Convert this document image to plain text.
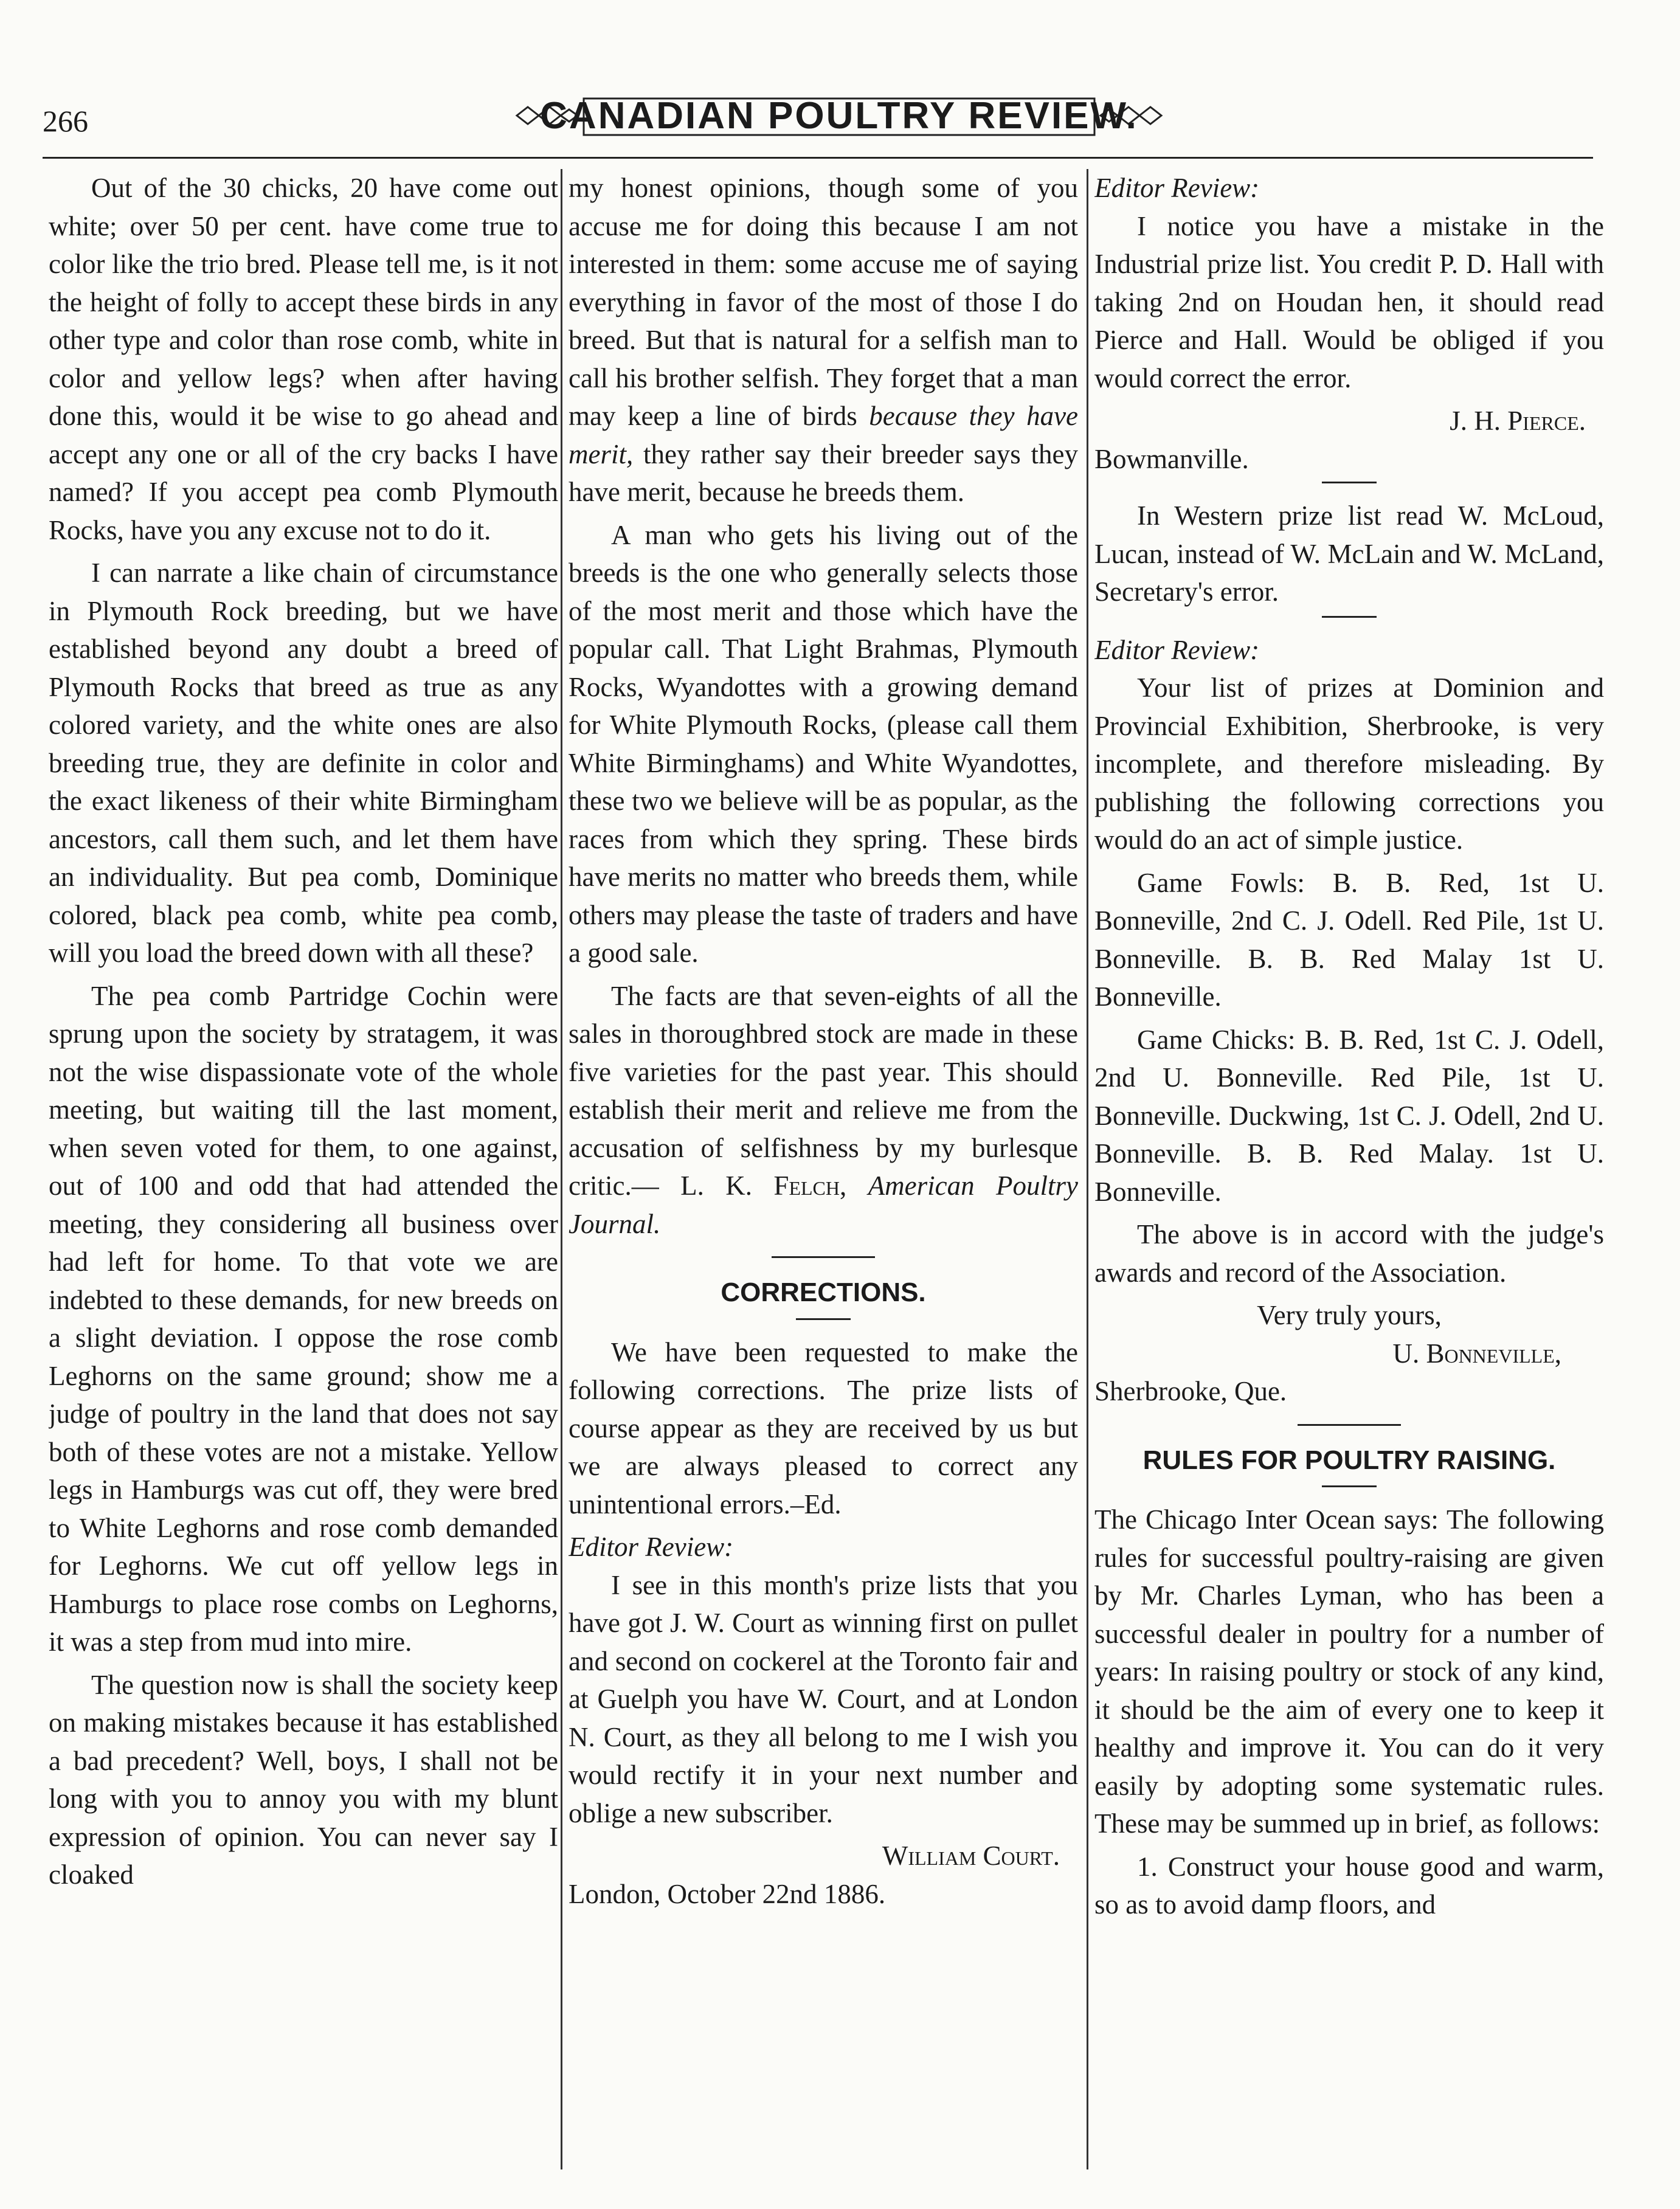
266	CANADIAN POULTRY REVIEW.

Out of the 30 chicks, 20 have come out white; over 50 per cent. have come true to color like the trio bred. Please tell me, is it not the height of folly to accept these birds in any other type and color than rose comb, white in color and yellow legs? when after having done this, would it be wise to go ahead and accept any one or all of the cry backs I have named? If you accept pea comb Plymouth Rocks, have you any excuse not to do it.

I can narrate a like chain of circumstance in Plymouth Rock breeding, but we have established beyond any doubt a breed of Plymouth Rocks that breed as true as any colored variety, and the white ones are also breeding true, they are definite in color and the exact likeness of their white Birmingham ancestors, call them such, and let them have an individuality. But pea comb, Dominique colored, black pea comb, white pea comb, will you load the breed down with all these?

The pea comb Partridge Cochin were sprung upon the society by stratagem, it was not the wise dispassionate vote of the whole meeting, but waiting till the last moment, when seven voted for them, to one against, out of 100 and odd that had attended the meeting, they considering all business over had left for home. To that vote we are indebted to these demands, for new breeds on a slight deviation. I oppose the rose comb Leghorns on the same ground; show me a judge of poultry in the land that does not say both of these votes are not a mistake. Yellow legs in Hamburgs was cut off, they were bred to White Leghorns and rose comb demanded for Leghorns. We cut off yellow legs in Hamburgs to place rose combs on Leghorns, it was a step from mud into mire.

The question now is shall the society keep on making mistakes because it has established a bad precedent? Well, boys, I shall not be long with you to annoy you with my blunt expression of opinion. You can never say I cloaked

my honest opinions, though some of you accuse me for doing this because I am not interested in them: some accuse me of saying everything in favor of the most of those I do breed. But that is natural for a selfish man to call his brother selfish. They forget that a man may keep a line of birds because they have merit, they rather say their breeder says they have merit, because he breeds them.

A man who gets his living out of the breeds is the one who generally selects those of the most merit and those which have the popular call. That Light Brahmas, Plymouth Rocks, Wyandottes with a growing demand for White Plymouth Rocks, (please call them White Birminghams) and White Wyandottes, these two we believe will be as popular, as the races from which they spring. These birds have merits no matter who breeds them, while others may please the taste of traders and have a good sale.

The facts are that seven-eights of all the sales in thoroughbred stock are made in these five varieties for the past year. This should establish their merit and relieve me from the accusation of selfishness by my burlesque critic.— L. K. Felch, American Poultry Journal.

CORRECTIONS.

We have been requested to make the following corrections. The prize lists of course appear as they are received by us but we are always pleased to correct any unintentional errors.–Ed.

Editor Review:

I see in this month's prize lists that you have got J. W. Court as winning first on pullet and second on cockerel at the Toronto fair and at Guelph you have W. Court, and at London N. Court, as they all belong to me I wish you would rectify it in your next number and oblige a new subscriber.

William Court.

London, October 22nd 1886.

Editor Review:

I notice you have a mistake in the Industrial prize list. You credit P. D. Hall with taking 2nd on Houdan hen, it should read Pierce and Hall. Would be obliged if you would correct the error.

J. H. Pierce.

Bowmanville.

In Western prize list read W. McLoud, Lucan, instead of W. McLain and W. McLand, Secretary's error.

Editor Review:

Your list of prizes at Dominion and Provincial Exhibition, Sherbrooke, is very incomplete, and therefore misleading. By publishing the following corrections you would do an act of simple justice.

Game Fowls: B. B. Red, 1st U. Bonneville, 2nd C. J. Odell. Red Pile, 1st U. Bonneville. B. B. Red Malay 1st U. Bonneville.

Game Chicks: B. B. Red, 1st C. J. Odell, 2nd U. Bonneville. Red Pile, 1st U. Bonneville. Duckwing, 1st C. J. Odell, 2nd U. Bonneville. B. B. Red Malay. 1st U. Bonneville.

The above is in accord with the judge's awards and record of the Association.

Very truly yours,

U. Bonneville,

Sherbrooke, Que.

RULES FOR POULTRY RAISING.

The Chicago Inter Ocean says: The following rules for successful poultry-raising are given by Mr. Charles Lyman, who has been a successful dealer in poultry for a number of years: In raising poultry or stock of any kind, it should be the aim of every one to keep it healthy and improve it. You can do it very easily by adopting some systematic rules. These may be summed up in brief, as follows:

1. Construct your house good and warm, so as to avoid damp floors, and
